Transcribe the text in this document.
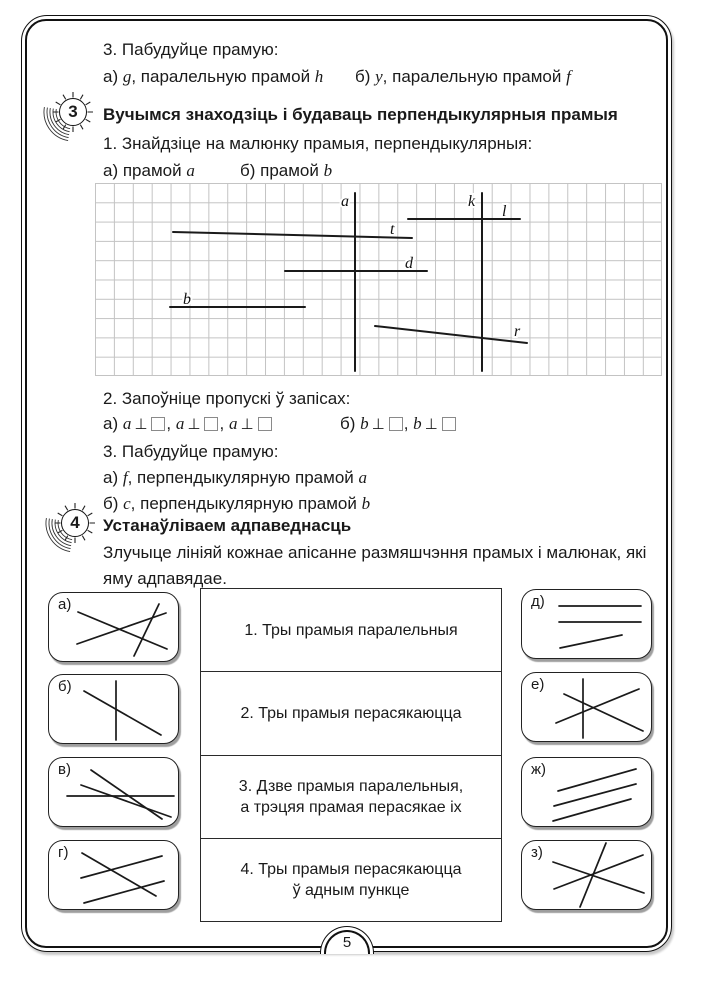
3. Пабудуйце прамую:
а) g, паралельную прамой h б) y, паралельную прамой f
3	Вучымся знаходзіць і будаваць перпендыкулярныя прамыя
1. Знайдзіце на малюнку прамыя, перпендыкулярныя:
а) прамой a	б) прамой b
a	k
l
t
d
b
r
2. Запоўніце пропускі ў запісах:
а) a ⊥ , a ⊥ , a ⊥	б) b ⊥ , b ⊥
3. Пабудуйце прамую:
а) f, перпендыкулярную прамой a
б) c, перпендыкулярную прамой b
4	Устанаўліваем адпаведнасць
Злучыце лініяй кожнае апісанне размяшчэння прамых і малюнак, які
яму адпавядае.
1. Тры прамыя паралельныя
2. Тры прамыя перасякаюцца
3. Дзве прамыя паралельныя,
а трэцяя прамая перасякае іх
4. Тры прамыя перасякаюцца
ў адным пункце
а)
б)
в)
г)
д)
е)
ж)
з)
5
